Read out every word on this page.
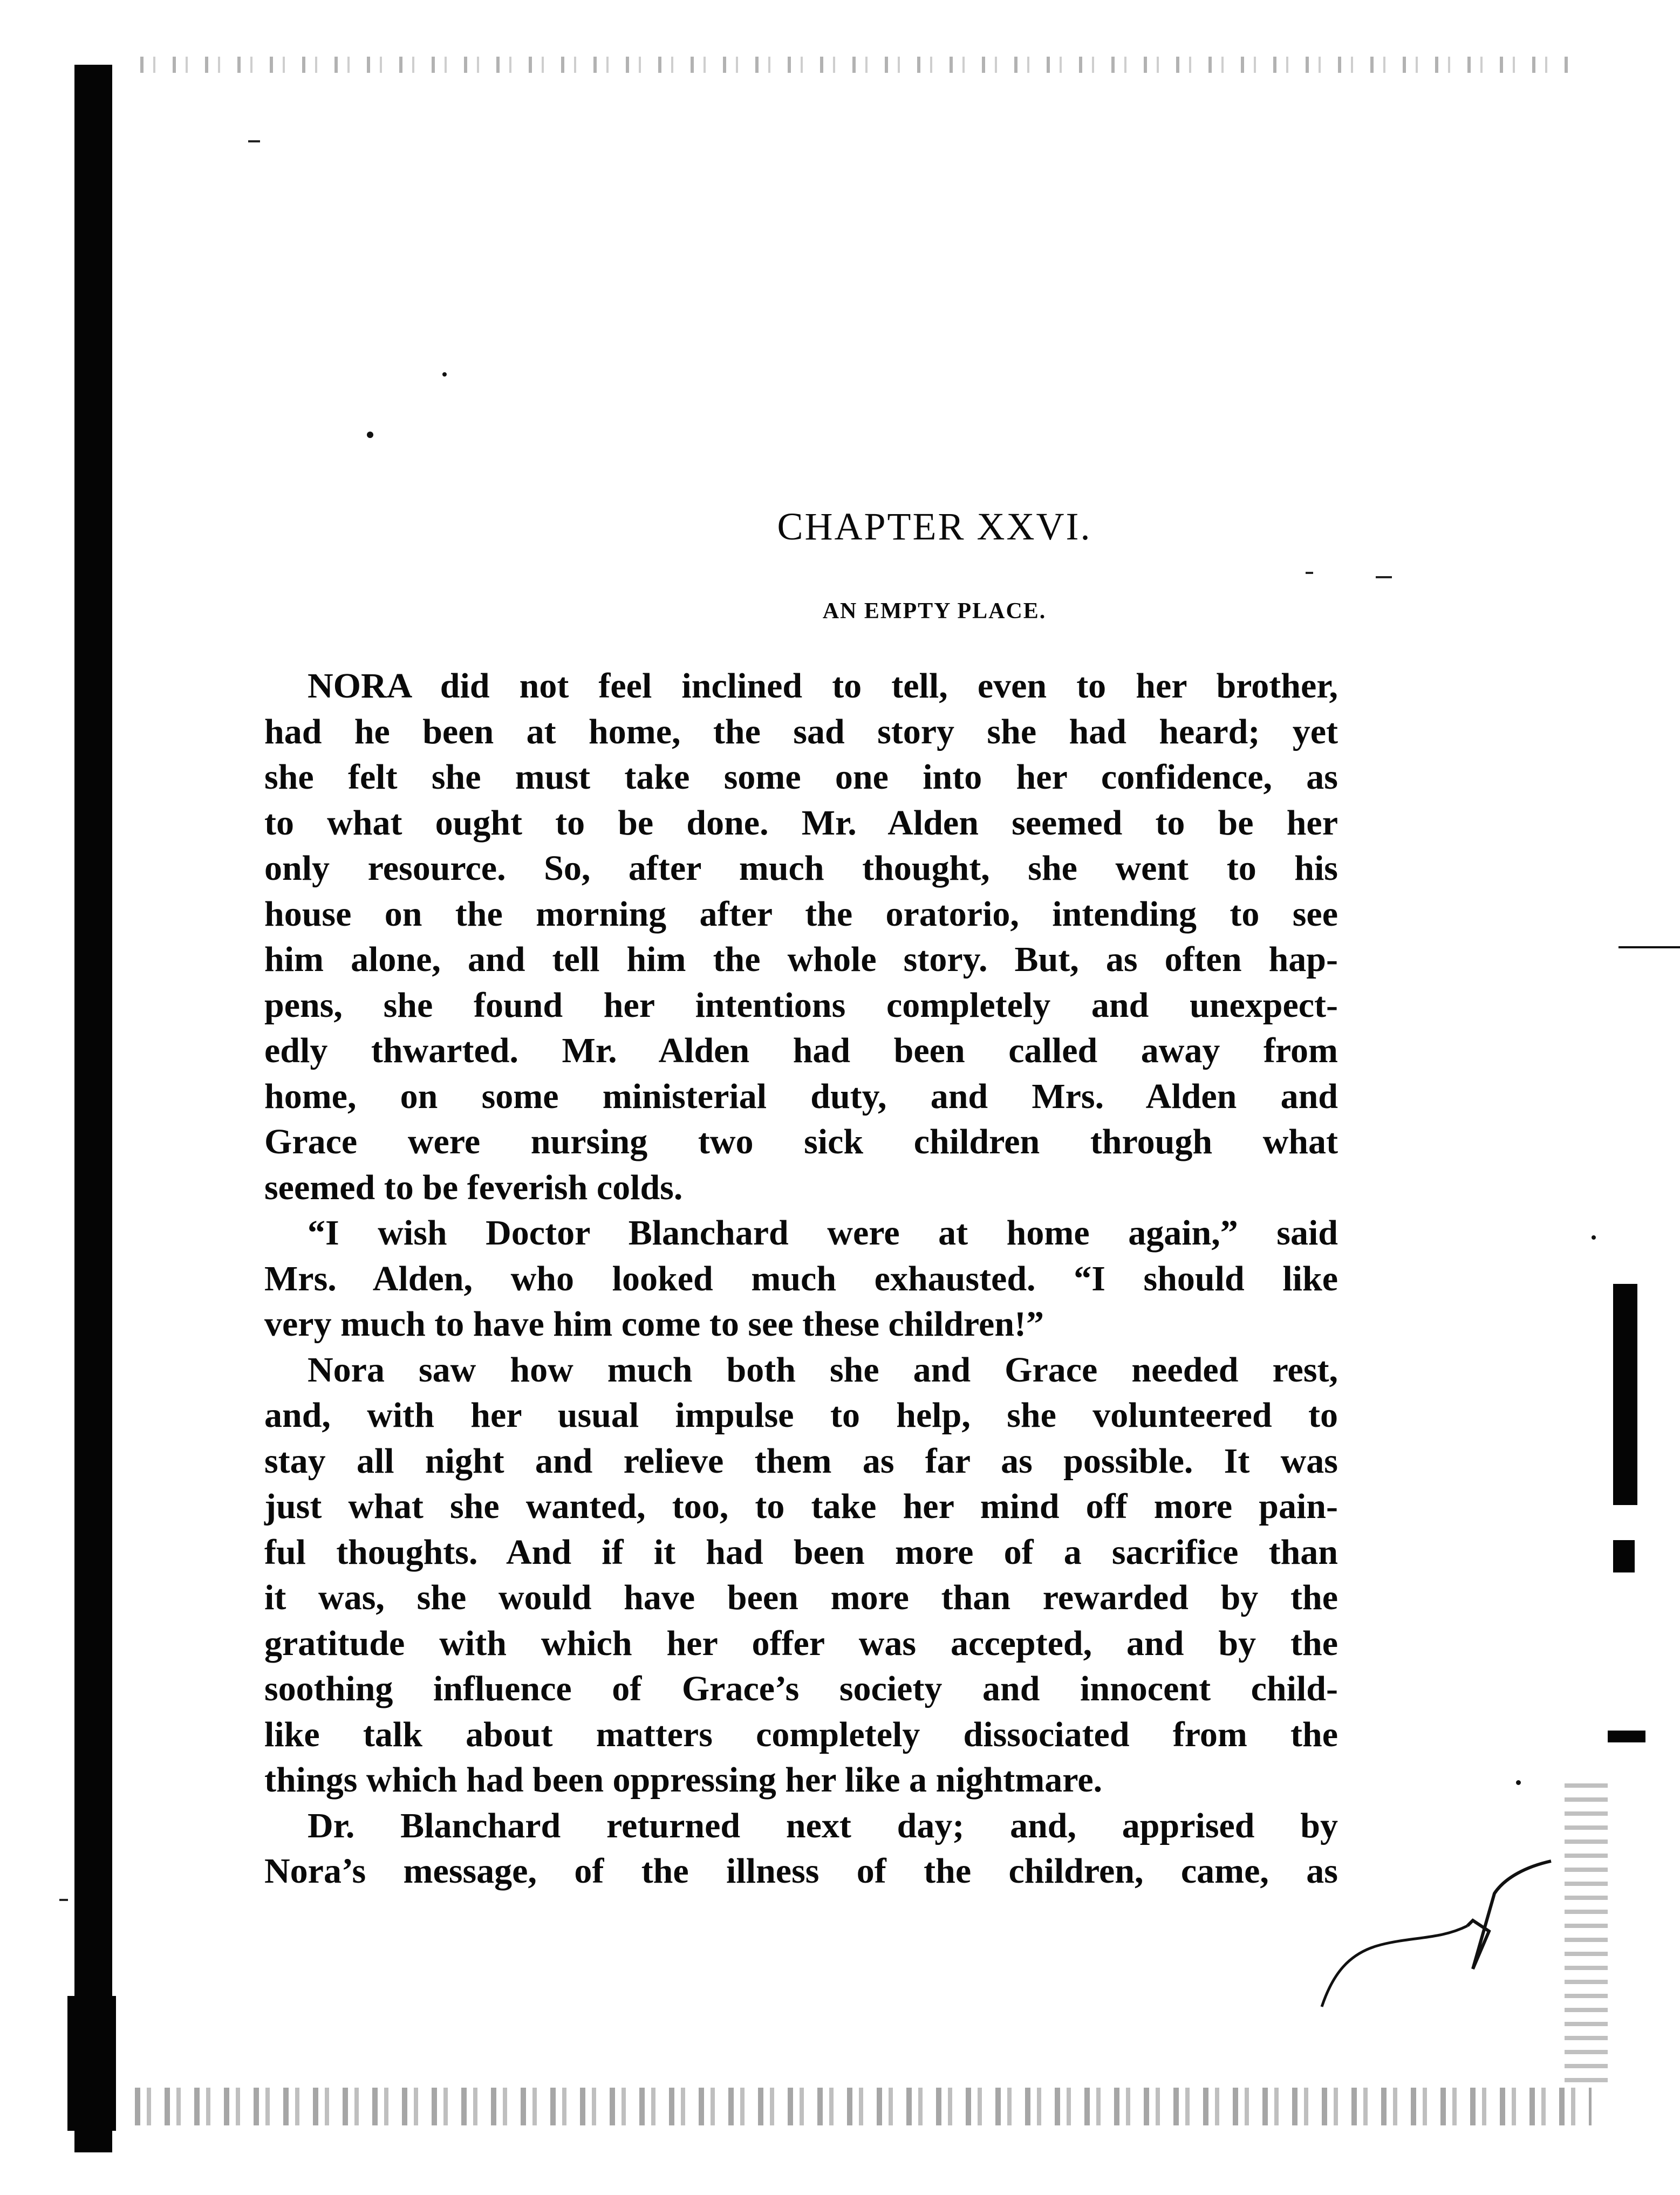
CHAPTER XXVI.
AN EMPTY PLACE.
NORA did not feel inclined to tell, even to her brother,
had he been at home, the sad story she had heard; yet
she felt she must take some one into her confidence, as
to what ought to be done. Mr. Alden seemed to be her
only resource. So, after much thought, she went to his
house on the morning after the oratorio, intending to see
him alone, and tell him the whole story. But, as often hap-
pens, she found her intentions completely and unexpect-
edly thwarted. Mr. Alden had been called away from
home, on some ministerial duty, and Mrs. Alden and
Grace were nursing two sick children through what
seemed to be feverish colds.
“I wish Doctor Blanchard were at home again,” said
Mrs. Alden, who looked much exhausted. “I should like
very much to have him come to see these children!”
Nora saw how much both she and Grace needed rest,
and, with her usual impulse to help, she volunteered to
stay all night and relieve them as far as possible. It was
just what she wanted, too, to take her mind off more pain-
ful thoughts. And if it had been more of a sacrifice than
it was, she would have been more than rewarded by the
gratitude with which her offer was accepted, and by the
soothing influence of Grace’s society and innocent child-
like talk about matters completely dissociated from the
things which had been oppressing her like a nightmare.
Dr. Blanchard returned next day; and, apprised by
Nora’s message, of the illness of the children, came, as
